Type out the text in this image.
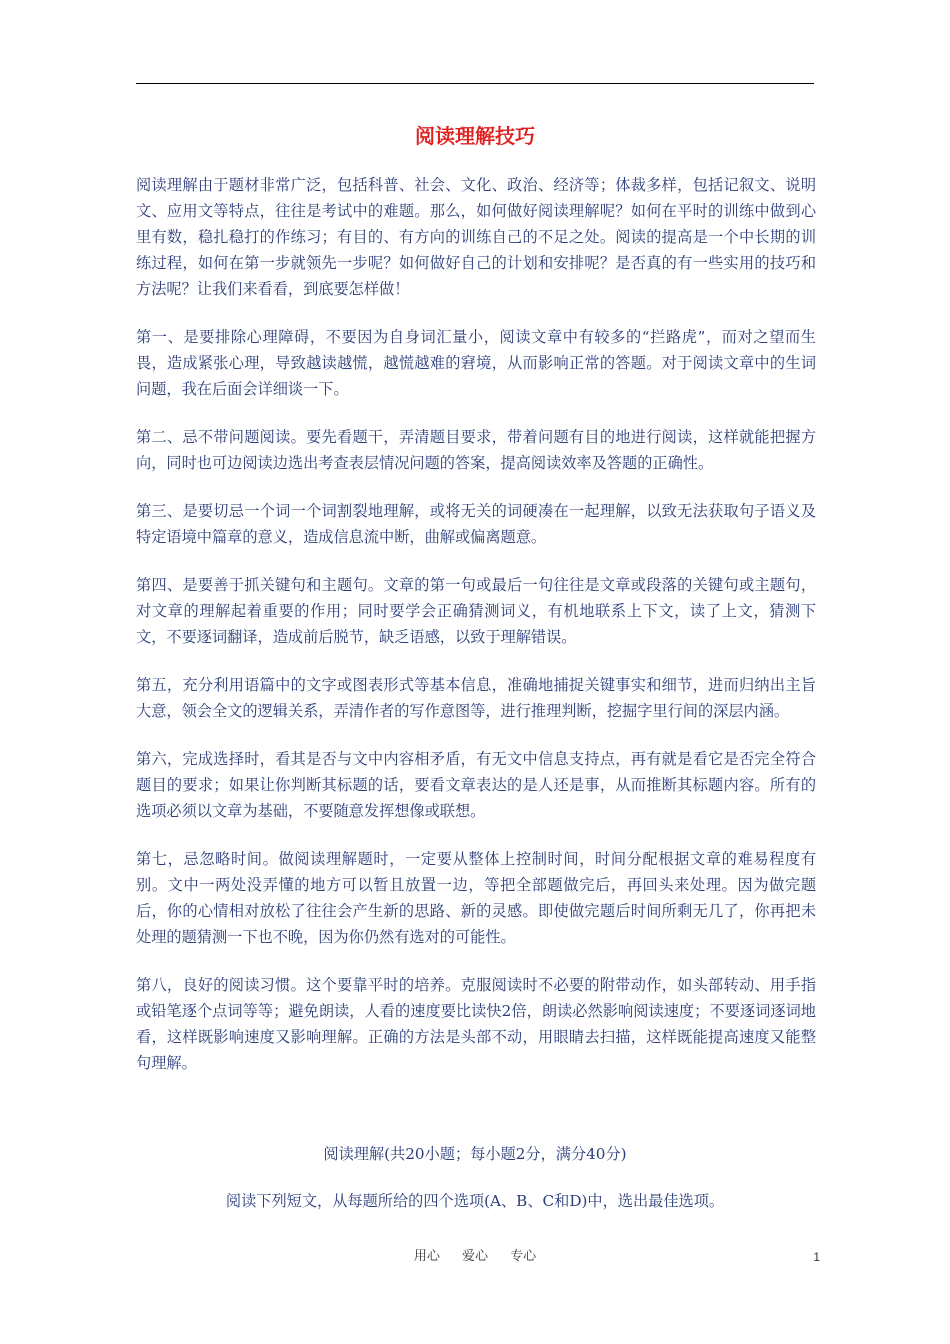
阅读理解技巧

阅读理解由于题材非常广泛，包括科普、社会、文化、政治、经济等；体裁多样，包括记叙文、说明文、应用文等特点，往往是考试中的难题。那么，如何做好阅读理解呢？如何在平时的训练中做到心里有数，稳扎稳打的作练习；有目的、有方向的训练自己的不足之处。阅读的提高是一个中长期的训练过程，如何在第一步就领先一步呢？如何做好自己的计划和安排呢？是否真的有一些实用的技巧和方法呢？让我们来看看，到底要怎样做！

第一、是要排除心理障碍，不要因为自身词汇量小，阅读文章中有较多的“拦路虎”，而对之望而生畏，造成紧张心理，导致越读越慌，越慌越难的窘境，从而影响正常的答题。对于阅读文章中的生词问题，我在后面会详细谈一下。

第二、忌不带问题阅读。要先看题干，弄清题目要求，带着问题有目的地进行阅读，这样就能把握方向，同时也可边阅读边选出考查表层情况问题的答案，提高阅读效率及答题的正确性。

第三、是要切忌一个词一个词割裂地理解，或将无关的词硬凑在一起理解，以致无法获取句子语义及特定语境中篇章的意义，造成信息流中断，曲解或偏离题意。

第四、是要善于抓关键句和主题句。文章的第一句或最后一句往往是文章或段落的关键句或主题句，对文章的理解起着重要的作用；同时要学会正确猜测词义，有机地联系上下文，读了上文，猜测下文，不要逐词翻译，造成前后脱节，缺乏语感，以致于理解错误。

第五，充分利用语篇中的文字或图表形式等基本信息，准确地捕捉关键事实和细节，进而归纳出主旨大意，领会全文的逻辑关系，弄清作者的写作意图等，进行推理判断，挖掘字里行间的深层内涵。

第六，完成选择时，看其是否与文中内容相矛盾，有无文中信息支持点，再有就是看它是否完全符合题目的要求；如果让你判断其标题的话，要看文章表达的是人还是事，从而推断其标题内容。所有的选项必须以文章为基础，不要随意发挥想像或联想。

第七，忌忽略时间。做阅读理解题时，一定要从整体上控制时间，时间分配根据文章的难易程度有别。文中一两处没弄懂的地方可以暂且放置一边，等把全部题做完后，再回头来处理。因为做完题后，你的心情相对放松了往往会产生新的思路、新的灵感。即使做完题后时间所剩无几了，你再把未处理的题猜测一下也不晚，因为你仍然有选对的可能性。

第八，良好的阅读习惯。这个要靠平时的培养。克服阅读时不必要的附带动作，如头部转动、用手指或铅笔逐个点词等等；避免朗读，人看的速度要比读快2倍，朗读必然影响阅读速度；不要逐词逐词地看，这样既影响速度又影响理解。正确的方法是头部不动，用眼睛去扫描，这样既能提高速度又能整句理解。

阅读理解(共20小题；每小题2分，满分40分)
阅读下列短文，从每题所给的四个选项(A、B、C和D)中，选出最佳选项。
用心 爱心 专心	1
